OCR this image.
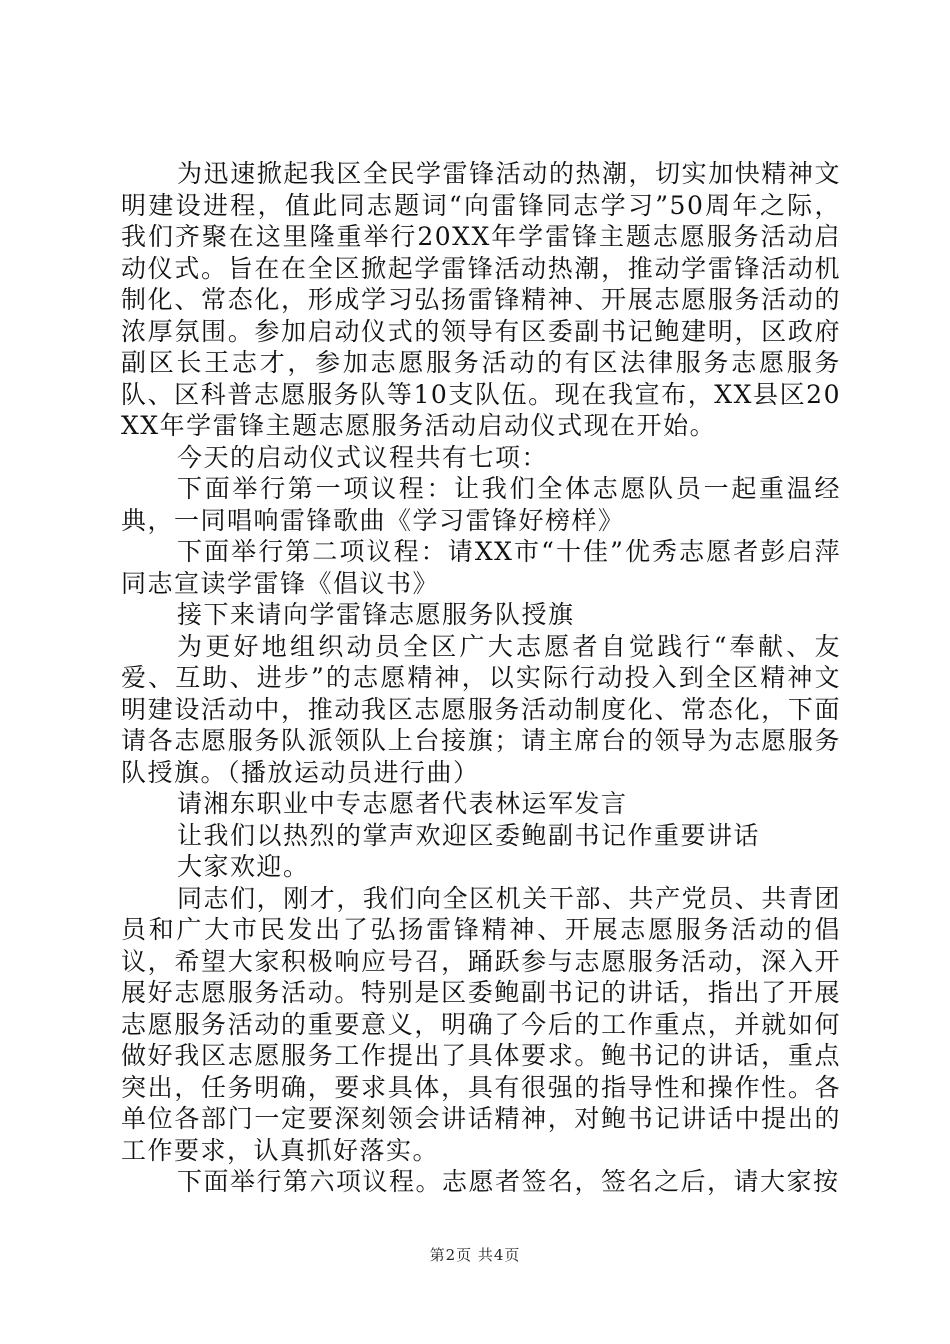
为迅速掀起我区全民学雷锋活动的热潮，切实加快精神文明建设进程，值此同志题词“向雷锋同志学习”50周年之际，我们齐聚在这里隆重举行20XX年学雷锋主题志愿服务活动启动仪式。旨在在全区掀起学雷锋活动热潮，推动学雷锋活动机制化、常态化，形成学习弘扬雷锋精神、开展志愿服务活动的浓厚氛围。参加启动仪式的领导有区委副书记鲍建明，区政府副区长王志才，参加志愿服务活动的有区法律服务志愿服务队、区科普志愿服务队等10支队伍。现在我宣布，XX县区20XX年学雷锋主题志愿服务活动启动仪式现在开始。

今天的启动仪式议程共有七项：

下面举行第一项议程：让我们全体志愿队员一起重温经典，一同唱响雷锋歌曲《学习雷锋好榜样》

下面举行第二项议程：请XX市“十佳”优秀志愿者彭启萍同志宣读学雷锋《倡议书》

接下来请向学雷锋志愿服务队授旗

为更好地组织动员全区广大志愿者自觉践行“奉献、友爱、互助、进步”的志愿精神，以实际行动投入到全区精神文明建设活动中，推动我区志愿服务活动制度化、常态化，下面请各志愿服务队派领队上台接旗；请主席台的领导为志愿服务队授旗。（播放运动员进行曲）

请湘东职业中专志愿者代表林运军发言

让我们以热烈的掌声欢迎区委鲍副书记作重要讲话

大家欢迎。

同志们，刚才，我们向全区机关干部、共产党员、共青团员和广大市民发出了弘扬雷锋精神、开展志愿服务活动的倡议，希望大家积极响应号召，踊跃参与志愿服务活动，深入开展好志愿服务活动。特别是区委鲍副书记的讲话，指出了开展志愿服务活动的重要意义，明确了今后的工作重点，并就如何做好我区志愿服务工作提出了具体要求。鲍书记的讲话，重点突出，任务明确，要求具体，具有很强的指导性和操作性。各单位各部门一定要深刻领会讲话精神，对鲍书记讲话中提出的工作要求，认真抓好落实。

下面举行第六项议程。志愿者签名，签名之后，请大家按

第2页 共4页
